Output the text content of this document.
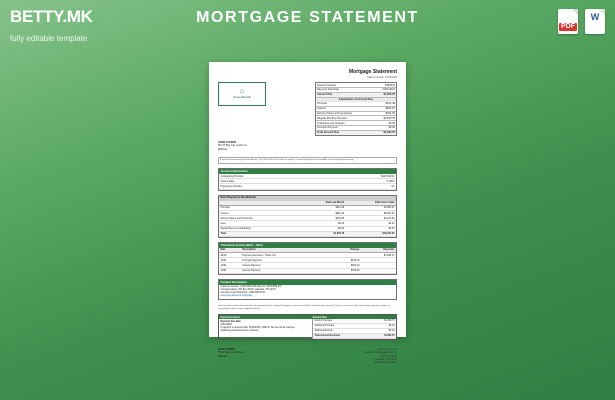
BETTY.MK
fully editable template
MORTGAGE STATEMENT
PDF
W
Mortgage Statement
Statement Date: 10/15/2023
⌂
Greenbank
Account Number	4582901
Payment Due Date	11/01/2023
Amount Due	$1,845.76
Explanation of Amount Due
Principal	$512.48
Interest	$842.19
Escrow (Taxes and Insurance)	$491.09
Regular Monthly Payment	$1,845.76
Total Fees and Charges	$0.00
Overdue Payment	$0.00
Total Amount Due	$1,845.76
JOHN CITIZEN
55 NT Bay Cat. Harris Ln
Midtown
If you are experiencing financial difficulty: Call 1-800-555-0199 to discuss options. Counseling agencies are available at www.hud.gov/counseling.
Account Information
Outstanding Principal	$218,940.12
Interest Rate	5.125%
Prepayment Penalty	No
Past Payments Breakdown
	Paid Last Month	Paid Year to Date
Principal	$512.48	$4,982.11
Interest	$842.19	$8,451.33
Escrow (Taxes and Insurance)	$491.09	$4,910.90
Fees	$0.00	$0.00
Partial Payment (Unapplied)	$0.00	$0.00
Total	$1,845.76	$18,344.34
Transaction Activity (09/15 - 10/15)
Date	Description	Charges	Payments
09/16	Payment Received - Thank You		$1,845.76
10/01	Principal Payment	$512.48	
10/01	Interest Payment	$842.19	
10/01	Escrow Payment	$491.09	
Contact Information
Customer Service: 1-800-555-0199 (Mon-Fri, 8AM-8PM ET)
Correspondence: PO Box 45120, Lakeside, OH 44107
Insurance Loss Draft Dept: 1-800-555-0143
www.greenbank.com/mortgage
Important notice about this statement: Late payment will be charged if payment is not received by the end of the grace period. If you are not current and cannot make a payment, contact us immediately to discuss loss mitigation options.
Payment Coupon	Amount Due
Payment Due Date
11/01/2023
If payment is received after 11/16/2023, a $92.27 late fee will be charged.
Additional principal amount enclosed:
Monthly Payment	$1,845.76
Additional Principal	$0.00
Additional Escrow	$0.00
Total Amount Enclosed	$1,845.76
JOHN CITIZEN
55 NT Bay Cat. Harris Ln
Midtown
Mail Payments To:
Greenbank Mortgage Servicing
PO Box 45120
Lakeside, OH 44107
Account No. 4582901
